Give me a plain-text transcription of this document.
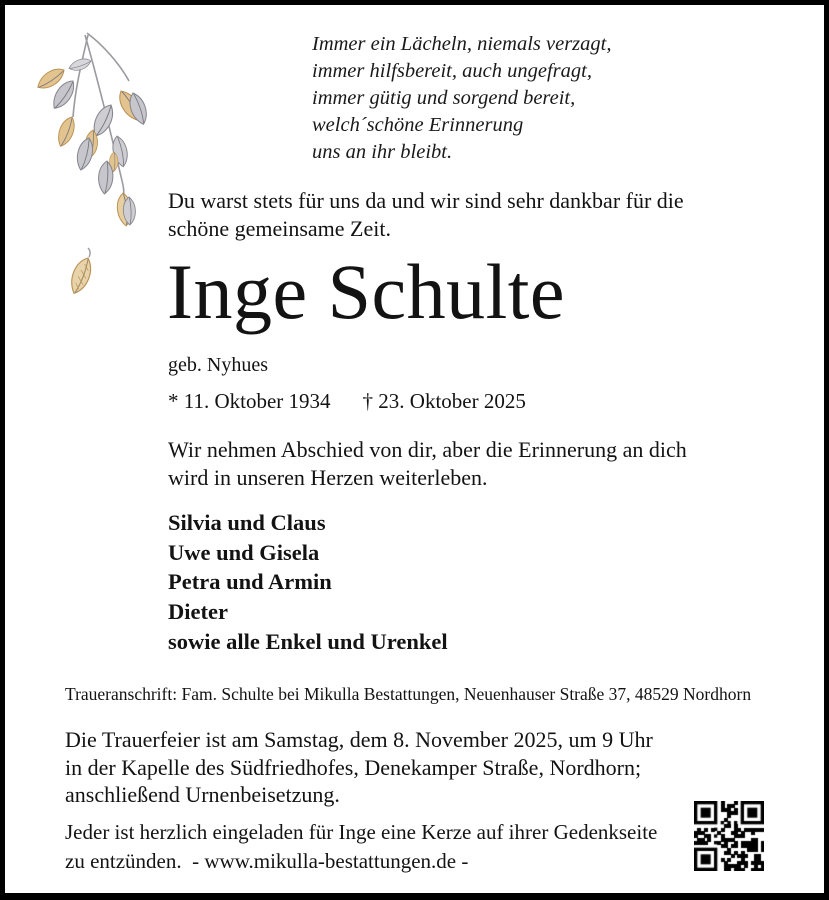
Immer ein Lächeln, niemals verzagt,
immer hilfsbereit, auch ungefragt,
immer gütig und sorgend bereit,
welch´schöne Erinnerung
uns an ihr bleibt.
Du warst stets für uns da und wir sind sehr dankbar für die
schöne gemeinsame Zeit.
Inge Schulte
geb. Nyhues
* 11. Oktober 1934 † 23. Oktober 2025
Wir nehmen Abschied von dir, aber die Erinnerung an dich
wird in unseren Herzen weiterleben.
Silvia und Claus
Uwe und Gisela
Petra und Armin
Dieter
sowie alle Enkel und Urenkel
Traueranschrift: Fam. Schulte bei Mikulla Bestattungen, Neuenhauser Straße 37, 48529 Nordhorn
Die Trauerfeier ist am Samstag, dem 8. November 2025, um 9 Uhr
in der Kapelle des Südfriedhofes, Denekamper Straße, Nordhorn;
anschließend Urnenbeisetzung.
Jeder ist herzlich eingeladen für Inge eine Kerze auf ihrer Gedenkseite
zu entzünden.  - www.mikulla-bestattungen.de -
